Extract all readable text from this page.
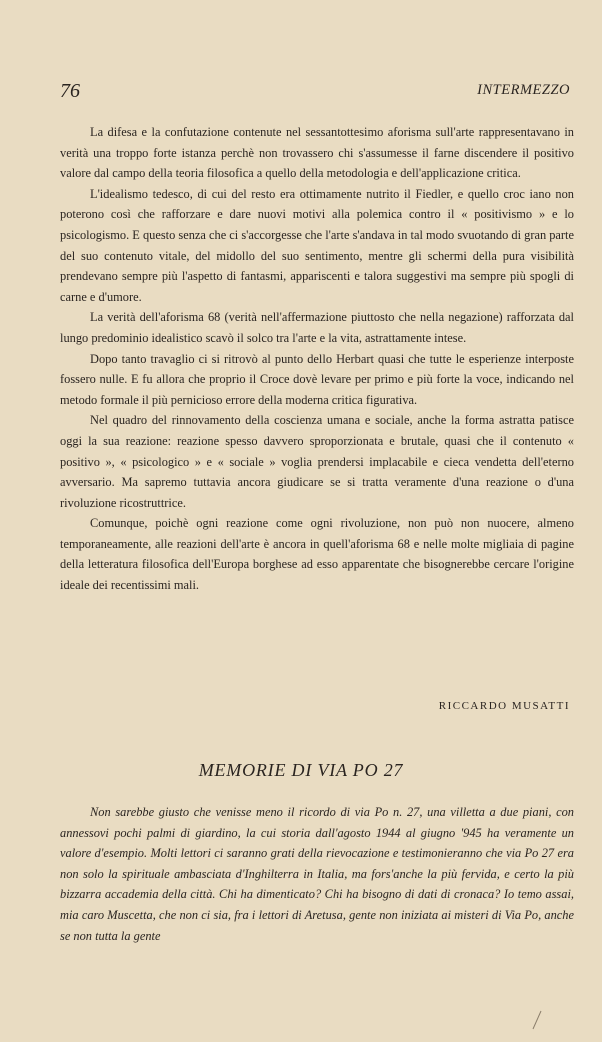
76	INTERMEZZO

La difesa e la confutazione contenute nel sessantottesimo aforisma sull'arte rappresentavano in verità una troppo forte istanza perchè non trovassero chi s'assumesse il farne discendere il positivo valore dal campo della teoria filosofica a quello della metodologia e dell'applicazione critica.

L'idealismo tedesco, di cui del resto era ottimamente nutrito il Fiedler, e quello croc iano non poterono così che rafforzare e dare nuovi motivi alla polemica contro il « positivismo » e lo psicologismo. E questo senza che ci s'accorgesse che l'arte s'andava in tal modo svuotando di gran parte del suo contenuto vitale, del midollo del suo sentimento, mentre gli schermi della pura visibilità prendevano sempre più l'aspetto di fantasmi, appariscenti e talora suggestivi ma sempre più spogli di carne e d'umore.

La verità dell'aforisma 68 (verità nell'affermazione piuttosto che nella negazione) rafforzata dal lungo predominio idealistico scavò il solco tra l'arte e la vita, astrattamente intese.

Dopo tanto travaglio ci si ritrovò al punto dello Herbart quasi che tutte le esperienze interposte fossero nulle. E fu allora che proprio il Croce dovè levare per primo e più forte la voce, indicando nel metodo formale il più pernicioso errore della moderna critica figurativa.

Nel quadro del rinnovamento della coscienza umana e sociale, anche la forma astratta patisce oggi la sua reazione: reazione spesso davvero sproporzionata e brutale, quasi che il contenuto « positivo », « psicologico » e « sociale » voglia prendersi implacabile e cieca vendetta dell'eterno avversario. Ma sapremo tuttavia ancora giudicare se si tratta veramente d'una reazione o d'una rivoluzione ricostruttrice.

Comunque, poichè ogni reazione come ogni rivoluzione, non può non nuocere, almeno temporaneamente, alle reazioni dell'arte è ancora in quell'aforisma 68 e nelle molte migliaia di pagine della letteratura filosofica dell'Europa borghese ad esso apparentate che bisognerebbe cercare l'origine ideale dei recentissimi mali.

RICCARDO MUSATTI
MEMORIE DI VIA PO 27

Non sarebbe giusto che venisse meno il ricordo di via Po n. 27, una villetta a due piani, con annessovi pochi palmi di giardino, la cui storia dall'agosto 1944 al giugno '945 ha veramente un valore d'esempio. Molti lettori ci saranno grati della rievocazione e testimonieranno che via Po 27 era non solo la spirituale ambasciata d'Inghilterra in Italia, ma fors'anche la più fervida, e certo la più bizzarra accademia della città. Chi ha dimenticato? Chi ha bisogno di dati di cronaca? Io temo assai, mia caro Muscetta, che non ci sia, fra i lettori di Aretusa, gente non iniziata ai misteri di Via Po, anche se non tutta la gente
